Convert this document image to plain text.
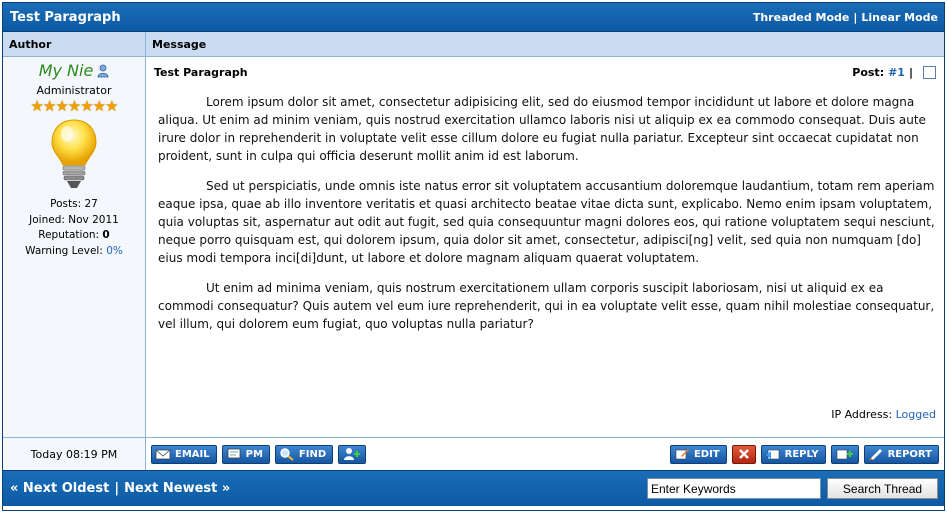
Test Paragraph	Threaded Mode | Linear Mode
Author	Message
My Nie
Administrator
★★★★★★★
Posts: 27
Joined: Nov 2011
Reputation: 0
Warning Level: 0%
Test Paragraph	Post: #1 |

Lorem ipsum dolor sit amet, consectetur adipisicing elit, sed do eiusmod tempor incididunt ut labore et dolore magna aliqua. Ut enim ad minim veniam, quis nostrud exercitation ullamco laboris nisi ut aliquip ex ea commodo consequat. Duis aute irure dolor in reprehenderit in voluptate velit esse cillum dolore eu fugiat nulla pariatur. Excepteur sint occaecat cupidatat non proident, sunt in culpa qui officia deserunt mollit anim id est laborum.

Sed ut perspiciatis, unde omnis iste natus error sit voluptatem accusantium doloremque laudantium, totam rem aperiam eaque ipsa, quae ab illo inventore veritatis et quasi architecto beatae vitae dicta sunt, explicabo. Nemo enim ipsam voluptatem, quia voluptas sit, aspernatur aut odit aut fugit, sed quia consequuntur magni dolores eos, qui ratione voluptatem sequi nesciunt, neque porro quisquam est, qui dolorem ipsum, quia dolor sit amet, consectetur, adipisci[ng] velit, sed quia non numquam [do] eius modi tempora inci[di]dunt, ut labore et dolore magnam aliquam quaerat voluptatem.

Ut enim ad minima veniam, quis nostrum exercitationem ullam corporis suscipit laboriosam, nisi ut aliquid ex ea commodi consequatur? Quis autem vel eum iure reprehenderit, qui in ea voluptate velit esse, quam nihil molestiae consequatur, vel illum, qui dolorem eum fugiat, quo voluptas nulla pariatur?

IP Address: Logged
Today 08:19 PM	EMAIL	PM	FIND	EDIT	REPLY	REPORT
« Next Oldest | Next Newest »
Enter Keywords	Search Thread
